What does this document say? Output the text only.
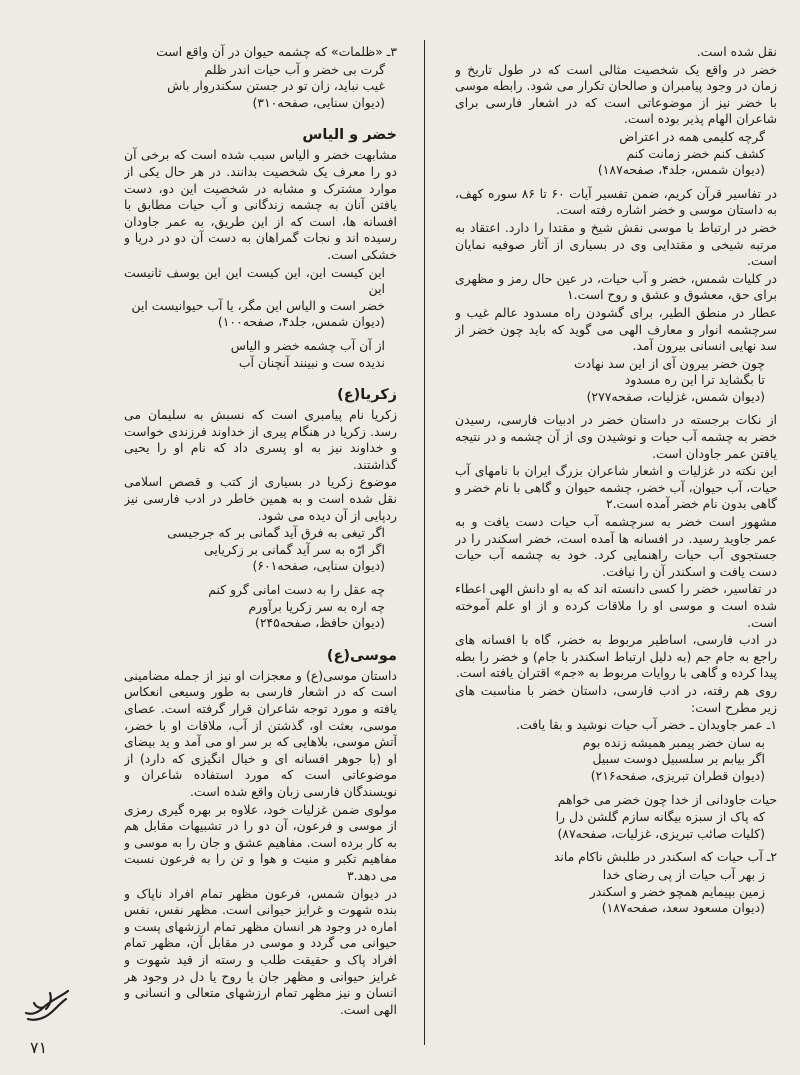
نقل شده است.

خضر در واقع یک شخصیت مثالی است که در طول تاریخ و زمان در وجود پیامبران و صالحان تکرار می شود. رابطه موسی با خضر نیز از موضوعاتی است که در اشعار فارسی برای شاعران الهام پذیر بوده است.

گرچه کلیمی همه در اعتراض
کشف کنم خضر زمانت کنم

(دیوان شمس، جلد۴، صفحه۱۸۷)

در تفاسیر قرآن کریم، ضمن تفسیر آیات ۶۰ تا ۸۶ سوره کهف، به داستان موسی و خضر اشاره رفته است.

خضر در ارتباط با موسی نقش شیخ و مقتدا را دارد. اعتقاد به مرتبه شیخی و مقتدایی وی در بسیاری از آثار صوفیه نمایان است.

در کلیات شمس، خضر و آب حیات، در عین حال رمز و مظهری برای حق، معشوق و عشق و روح است.۱

عطار در منطق الطیر، برای گشودن راه مسدود عالم غیب و سرچشمه انوار و معارف الهی می گوید که باید چون خضر از سد نهایی انسانی بیرون آمد.

چون خضر بیرون آی از این سد نهادت
تا بگشاید ترا این ره مسدود

(دیوان شمس، غزلیات، صفحه۲۷۷)

از نکات برجسته در داستان خضر در ادبیات فارسی، رسیدن خضر به چشمه آب حیات و نوشیدن وی از آن چشمه و در نتیجه یافتن عمر جاودان است.

این نکته در غزلیات و اشعار شاعران بزرگ ایران با نامهای آب حیات، آب حیوان، آب خضر، چشمه حیوان و گاهی با نام خضر و گاهی بدون نام خضر آمده است.۲

مشهور است خضر به سرچشمه آب حیات دست یافت و به عمر جاوید رسید. در افسانه ها آمده است، خضر اسکندر را در جستجوی آب حیات راهنمایی کرد. خود به چشمه آب حیات دست یافت و اسکندر آن را نیافت.

در تفاسیر، خضر را کسی دانسته اند که به او دانش الهی اعطاء شده است و موسی او را ملاقات کرده و از او علم آموخته است.

در ادب فارسی، اساطیر مربوط به خضر، گاه با افسانه های راجع به جام جم (به دلیل ارتباط اسکندر با جام) و خضر را بطه پیدا کرده و گاهی با روایات مربوط به «جم» اقتران یافته است.

روی هم رفته، در ادب فارسی، داستان خضر با مناسبت های زیر مطرح است:

۱ـ عمر جاویدان ـ خضر آب حیات نوشید و بقا یافت.

به سان خضر پیمبر همیشه زنده بوم
اگر بیابم بر سلسبیل دوست سبیل

(دیوان قطران تبریزی، صفحه۲۱۶)

حیات جاودانی از خدا چون خضر می خواهم

که پاک از سبزه بیگانه سازم گلشن دل را

(کلیات صائب تبریزی، غزلیات، صفحه۸۷)

۲ـ آب حیات که اسکندر در طلبش ناکام ماند

ز بهر آب حیات از پی رضای خدا
زمین بپیمایم همچو خضر و اسکندر

(دیوان مسعود سعد، صفحه۱۸۷)

۳ـ «ظلمات» که چشمه حیوان در آن واقع است

گرت بی خضر و آب حیات اندر ظلم
غیب نباید، زان تو در جستن سکندروار باش

(دیوان سنایی، صفحه۳۱۰)

خضر و الیاس

مشابهت خضر و الیاس سبب شده است که برخی آن دو را معرف یک شخصیت بدانند. در هر حال یکی از موارد مشترک و مشابه در شخصیت این دو، دست یافتن آنان به چشمه زندگانی و آب حیات مطابق با افسانه ها، است که از این طریق، به عمر جاودان رسیده اند و نجات گمراهان به دست آن دو در دریا و خشکی است.

این کیست این، این کیست این این یوسف ثانیست این
خضر است و الیاس این مگر، یا آب حیوانیست این

(دیوان شمس، جلد۴، صفحه۱۰۰)

از آن آب چشمه خضر و الیاس
ندیده ست و نبینند آنچنان آب
زکریا(ع)

زکریا نام پیامبری است که نسبش به سلیمان می رسد. زکریا در هنگام پیری از خداوند فرزندی خواست و خداوند نیز به او پسری داد که نام او را یحیی گذاشتند.

موضوع زکریا در بسیاری از کتب و قصص اسلامی نقل شده است و به همین خاطر در ادب فارسی نیز ردپایی از آن دیده می شود.

اگر تیغی به فرق آید گمانی بر که جرجیسی
اگر ارّه به سر آید گمانی بر زکریایی

(دیوان سنایی، صفحه۶۰۱)

چه عقل را به دست امانی گرو کنم
چه اره به سر زکریا برآورم

(دیوان حافظ، صفحه۲۴۵)

موسی(ع)

داستان موسی(ع) و معجزات او نیز از جمله مضامینی است که در اشعار فارسی به طور وسیعی انعکاس یافته و مورد توجه شاعران قرار گرفته است. عصای موسی، بعثت او، گذشتن از آب، ملاقات او با خضر، آتش موسی، بلاهایی که بر سر او می آمد و ید بیضای او (با جوهر افسانه ای و خیال انگیزی که دارد) از موضوعاتی است که مورد استفاده شاعران و نویسندگان فارسی زبان واقع شده است.

مولوی ضمن غزلیات خود، علاوه بر بهره گیری رمزی از موسی و فرعون، آن دو را در تشبیهات مقابل هم به کار برده است. مفاهیم عشق و جان را به موسی و مفاهیم تکبر و منیت و هوا و تن را به فرعون نسبت می دهد.۳

در دیوان شمس، فرعون مظهر تمام افراد ناپاک و بنده شهوت و غرایز حیوانی است. مظهر نفس، نفس اماره در وجود هر انسان مظهر تمام ارزشهای پست و حیوانی می گردد و موسی در مقابل آن، مظهر تمام افراد پاک و حقیقت طلب و رسته از قید شهوت و غرایز حیوانی و مظهر جان یا روح یا دل در وجود هر انسان و نیز مظهر تمام ارزشهای متعالی و انسانی و الهی است.

۷۱
